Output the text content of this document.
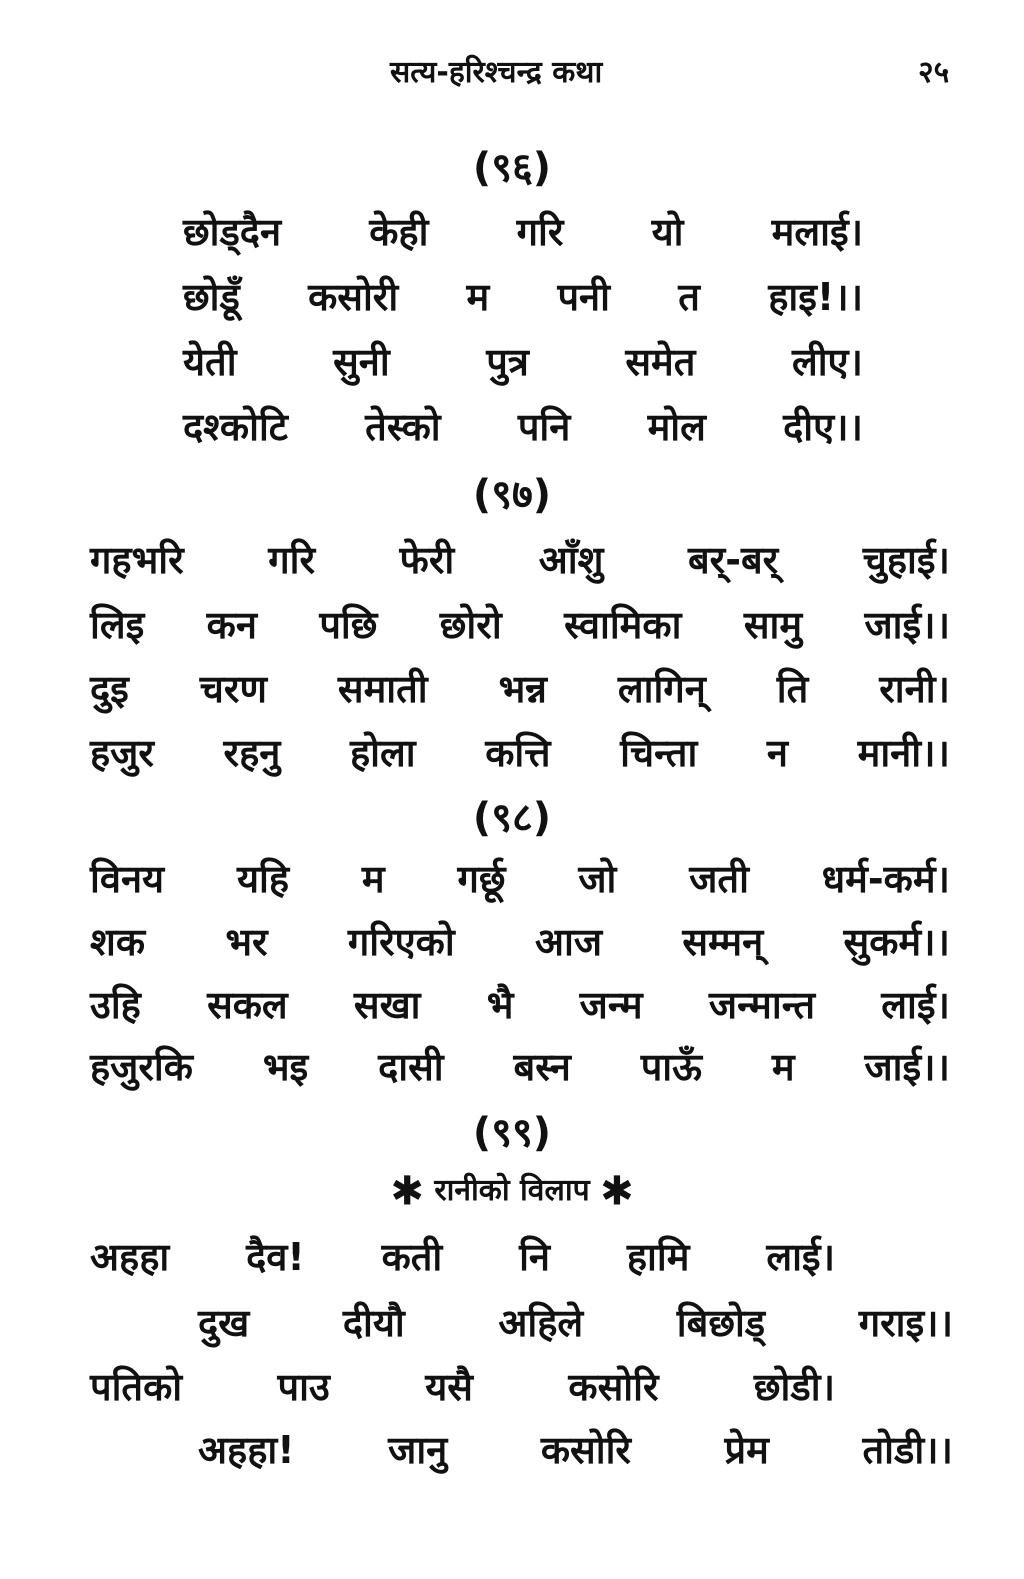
सत्य-हरिश्चन्द्र कथा	२५
(९६)
छोड्दैन केही गरि यो मलाई।
छोडूँ कसोरी म पनी त हाइ!।।
येती	सुनी	पुत्र	समेत	लीए।
दश्कोटि तेस्को पनि मोल दीए।।
(९७)
गहभरि गरि फेरी आँशु बर्-बर् चुहाई।
लिइ कन पछि छोरो स्वामिका सामु जाई।।
दुइ चरण समाती भन्न लागिन् ति रानी।
हजुर रहनु होला कत्ति चिन्ता न मानी।।
(९८)
विनय यहि म गर्छू जो जती धर्म-कर्म।
शक भर गरिएको आज सम्मन् सुकर्म।।
उहि सकल सखा भै जन्म जन्मान्त लाई।
हजुरकि भइ दासी बस्न पाऊँ म जाई।।
(९९)
✱ रानीको विलाप ✱
अहहा दैव! कती नि हामि लाई।
दुख दीयौ अहिले बिछोड् गराइ।।
पतिको	पाउ	यसै	कसोरि	छोडी।
अहहा! जानु कसोरि प्रेम तोडी।।
